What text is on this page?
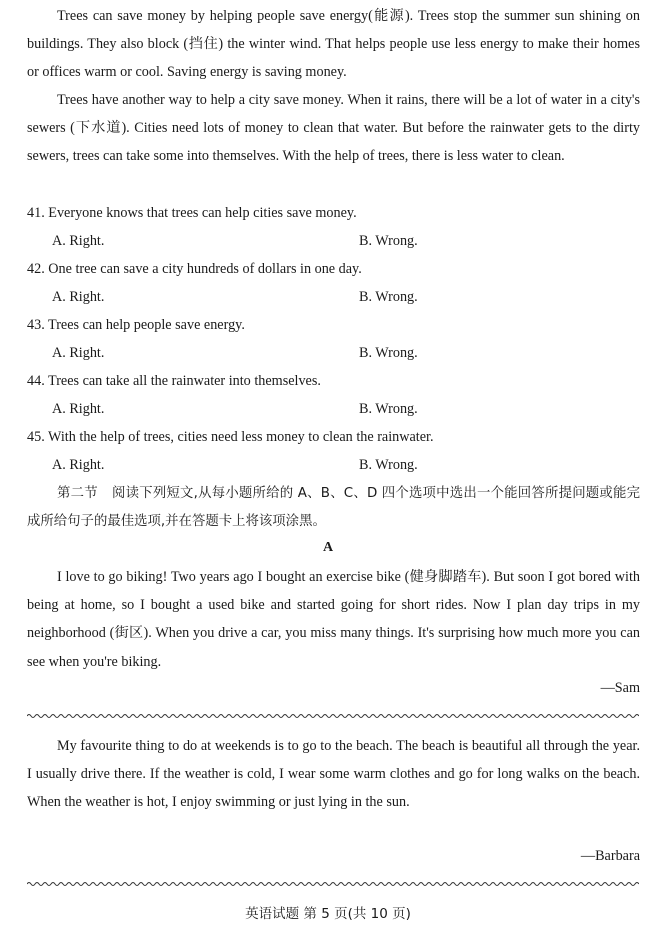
Trees can save money by helping people save energy(能源). Trees stop the summer sun shining on buildings. They also block (挡住) the winter wind. That helps people use less energy to make their homes or offices warm or cool. Saving energy is saving money.

Trees have another way to help a city save money. When it rains, there will be a lot of water in a city's sewers (下水道). Cities need lots of money to clean that water. But before the rainwater gets to the dirty sewers, trees can take some into themselves. With the help of trees, there is less water to clean.

41. Everyone knows that trees can help cities save money.
A. Right.	B. Wrong.
42. One tree can save a city hundreds of dollars in one day.
A. Right.	B. Wrong.
43. Trees can help people save energy.
A. Right.	B. Wrong.
44. Trees can take all the rainwater into themselves.
A. Right.	B. Wrong.
45. With the help of trees, cities need less money to clean the rainwater.
A. Right.	B. Wrong.

第二节 阅读下列短文,从每小题所给的 A、B、C、D 四个选项中选出一个能回答所提问题或能完成所给句子的最佳选项,并在答题卡上将该项涂黑。

A

I love to go biking! Two years ago I bought an exercise bike (健身脚踏车). But soon I got bored with being at home, so I bought a used bike and started going for short rides. Now I plan day trips in my neighborhood (街区). When you drive a car, you miss many things. It's surprising how much more you can see when you're biking.

—Sam

My favourite thing to do at weekends is to go to the beach. The beach is beautiful all through the year. I usually drive there. If the weather is cold, I wear some warm clothes and go for long walks on the beach. When the weather is hot, I enjoy swimming or just lying in the sun.

—Barbara
英语试题 第 5 页(共 10 页)
